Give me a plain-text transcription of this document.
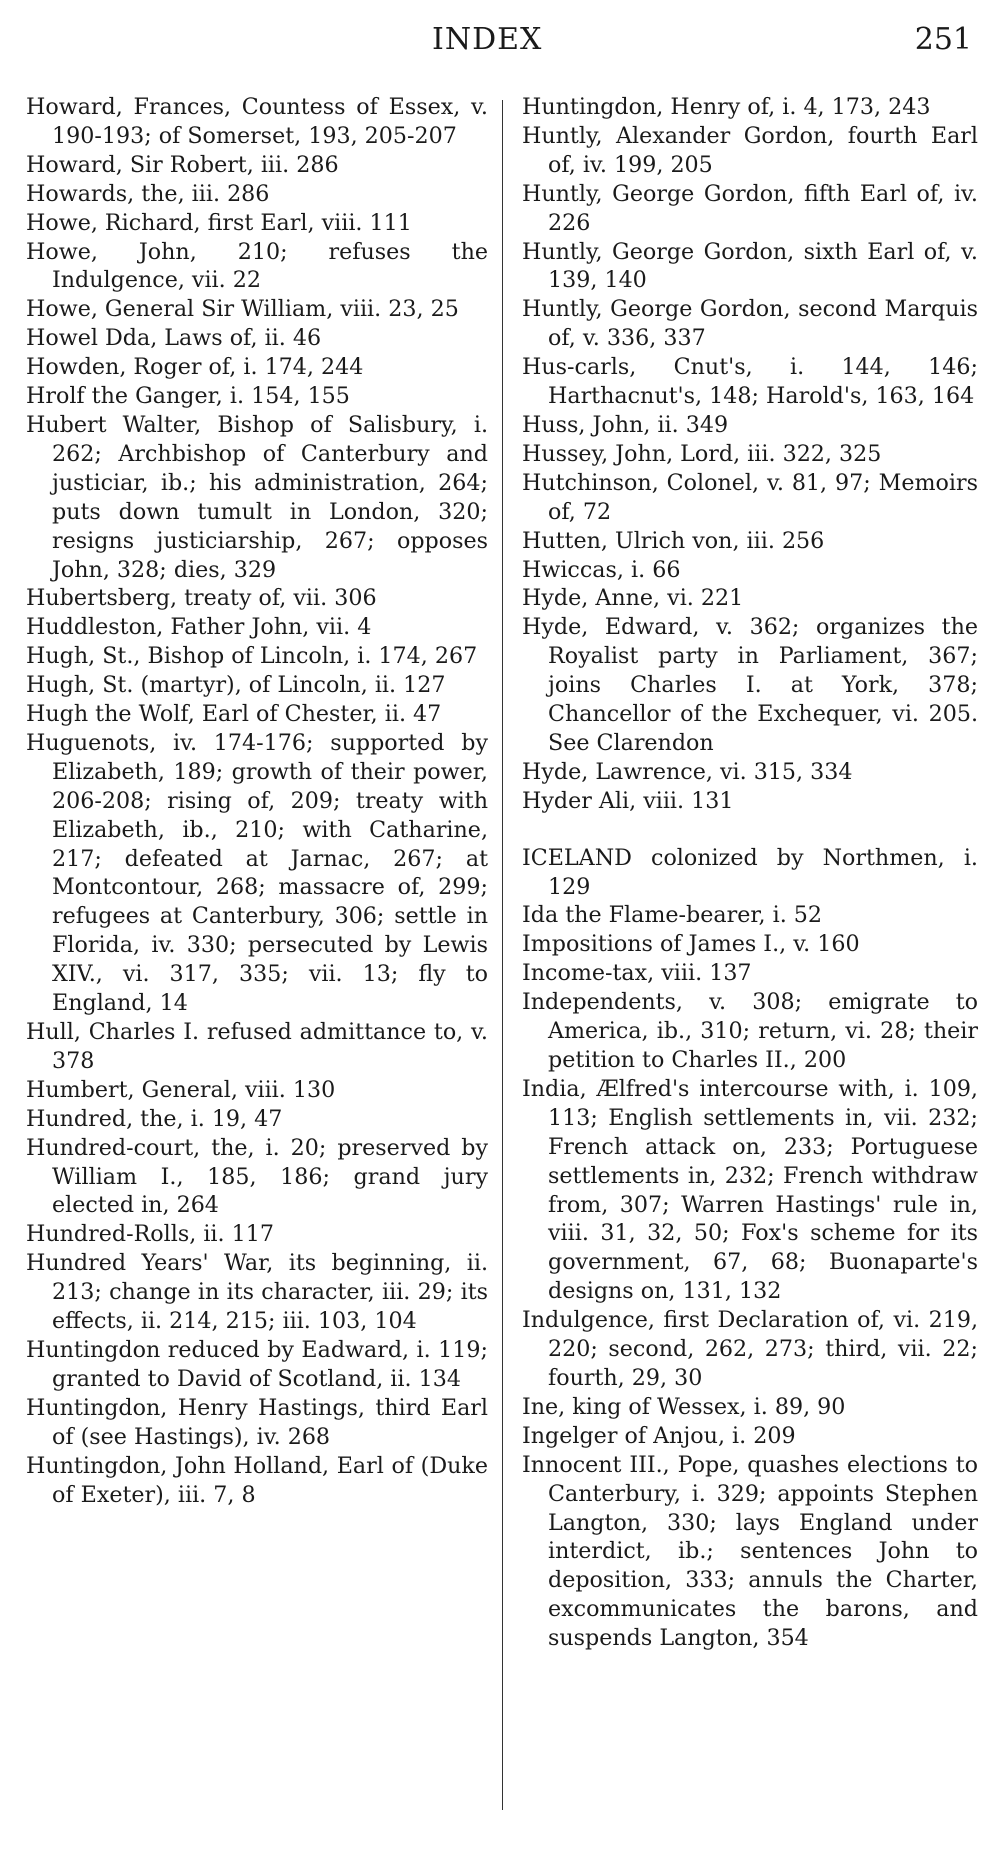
INDEX	251

Howard, Frances, Countess of Essex, v. 190-193; of Somerset, 193, 205-207

Howard, Sir Robert, iii. 286

Howards, the, iii. 286

Howe, Richard, first Earl, viii. 111

Howe, John, 210; refuses the Indulgence, vii. 22

Howe, General Sir William, viii. 23, 25

Howel Dda, Laws of, ii. 46

Howden, Roger of, i. 174, 244

Hrolf the Ganger, i. 154, 155

Hubert Walter, Bishop of Salisbury, i. 262; Archbishop of Canterbury and justiciar, ib.; his administration, 264; puts down tumult in London, 320; resigns justiciarship, 267; opposes John, 328; dies, 329

Hubertsberg, treaty of, vii. 306

Huddleston, Father John, vii. 4

Hugh, St., Bishop of Lincoln, i. 174, 267

Hugh, St. (martyr), of Lincoln, ii. 127

Hugh the Wolf, Earl of Chester, ii. 47

Huguenots, iv. 174-176; supported by Elizabeth, 189; growth of their power, 206-208; rising of, 209; treaty with Elizabeth, ib., 210; with Catharine, 217; defeated at Jarnac, 267; at Montcontour, 268; massacre of, 299; refugees at Canterbury, 306; settle in Florida, iv. 330; persecuted by Lewis XIV., vi. 317, 335; vii. 13; fly to England, 14

Hull, Charles I. refused admittance to, v. 378

Humbert, General, viii. 130

Hundred, the, i. 19, 47

Hundred-court, the, i. 20; preserved by William I., 185, 186; grand jury elected in, 264

Hundred-Rolls, ii. 117

Hundred Years' War, its beginning, ii. 213; change in its character, iii. 29; its effects, ii. 214, 215; iii. 103, 104

Huntingdon reduced by Eadward, i. 119; granted to David of Scotland, ii. 134

Huntingdon, Henry Hastings, third Earl of (see Hastings), iv. 268

Huntingdon, John Holland, Earl of (Duke of Exeter), iii. 7, 8

Huntingdon, Henry of, i. 4, 173, 243

Huntly, Alexander Gordon, fourth Earl of, iv. 199, 205

Huntly, George Gordon, fifth Earl of, iv. 226

Huntly, George Gordon, sixth Earl of, v. 139, 140

Huntly, George Gordon, second Marquis of, v. 336, 337

Hus-carls, Cnut's, i. 144, 146; Harthacnut's, 148; Harold's, 163, 164

Huss, John, ii. 349

Hussey, John, Lord, iii. 322, 325

Hutchinson, Colonel, v. 81, 97; Memoirs of, 72

Hutten, Ulrich von, iii. 256

Hwiccas, i. 66

Hyde, Anne, vi. 221

Hyde, Edward, v. 362; organizes the Royalist party in Parliament, 367; joins Charles I. at York, 378; Chancellor of the Exchequer, vi. 205. See Clarendon

Hyde, Lawrence, vi. 315, 334

Hyder Ali, viii. 131

ICELAND colonized by Northmen, i. 129

Ida the Flame-bearer, i. 52

Impositions of James I., v. 160

Income-tax, viii. 137

Independents, v. 308; emigrate to America, ib., 310; return, vi. 28; their petition to Charles II., 200

India, Ælfred's intercourse with, i. 109, 113; English settlements in, vii. 232; French attack on, 233; Portuguese settlements in, 232; French withdraw from, 307; Warren Hastings' rule in, viii. 31, 32, 50; Fox's scheme for its government, 67, 68; Buonaparte's designs on, 131, 132

Indulgence, first Declaration of, vi. 219, 220; second, 262, 273; third, vii. 22; fourth, 29, 30

Ine, king of Wessex, i. 89, 90

Ingelger of Anjou, i. 209

Innocent III., Pope, quashes elections to Canterbury, i. 329; appoints Stephen Langton, 330; lays England under interdict, ib.; sentences John to deposition, 333; annuls the Charter, excommunicates the barons, and suspends Langton, 354
